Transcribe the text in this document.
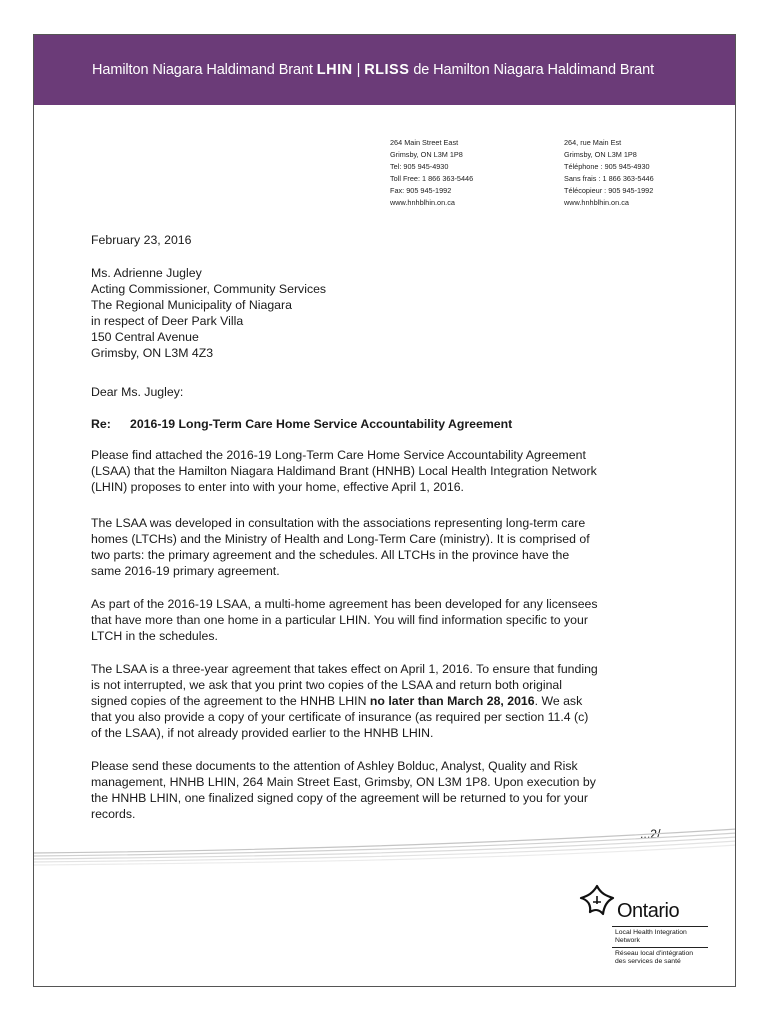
Hamilton Niagara Haldimand Brant LHIN | RLISS de Hamilton Niagara Haldimand Brant
264 Main Street East
Grimsby, ON L3M 1P8
Tel: 905 945-4930
Toll Free: 1 866 363-5446
Fax: 905 945-1992
www.hnhblhin.on.ca
264, rue Main Est
Grimsby, ON L3M 1P8
Téléphone : 905 945-4930
Sans frais : 1 866 363-5446
Télécopieur : 905 945-1992
www.hnhblhin.on.ca
February 23, 2016
Ms. Adrienne Jugley
Acting Commissioner, Community Services
The Regional Municipality of Niagara
in respect of Deer Park Villa
150 Central Avenue
Grimsby, ON L3M 4Z3
Dear Ms. Jugley:
Re: 2016-19 Long-Term Care Home Service Accountability Agreement
Please find attached the 2016-19 Long-Term Care Home Service Accountability Agreement
(LSAA) that the Hamilton Niagara Haldimand Brant (HNHB) Local Health Integration Network
(LHIN) proposes to enter into with your home, effective April 1, 2016.
The LSAA was developed in consultation with the associations representing long-term care
homes (LTCHs) and the Ministry of Health and Long-Term Care (ministry). It is comprised of
two parts: the primary agreement and the schedules. All LTCHs in the province have the
same 2016-19 primary agreement.
As part of the 2016-19 LSAA, a multi-home agreement has been developed for any licensees
that have more than one home in a particular LHIN. You will find information specific to your
LTCH in the schedules.
The LSAA is a three-year agreement that takes effect on April 1, 2016. To ensure that funding
is not interrupted, we ask that you print two copies of the LSAA and return both original
signed copies of the agreement to the HNHB LHIN no later than March 28, 2016. We ask
that you also provide a copy of your certificate of insurance (as required per section 11.4 (c)
of the LSAA), if not already provided earlier to the HNHB LHIN.
Please send these documents to the attention of Ashley Bolduc, Analyst, Quality and Risk
management, HNHB LHIN, 264 Main Street East, Grimsby, ON L3M 1P8. Upon execution by
the HNHB LHIN, one finalized signed copy of the agreement will be returned to you for your
records.
...2/
Ontario
Local Health Integration
Network
Réseau local d'intégration
des services de santé
